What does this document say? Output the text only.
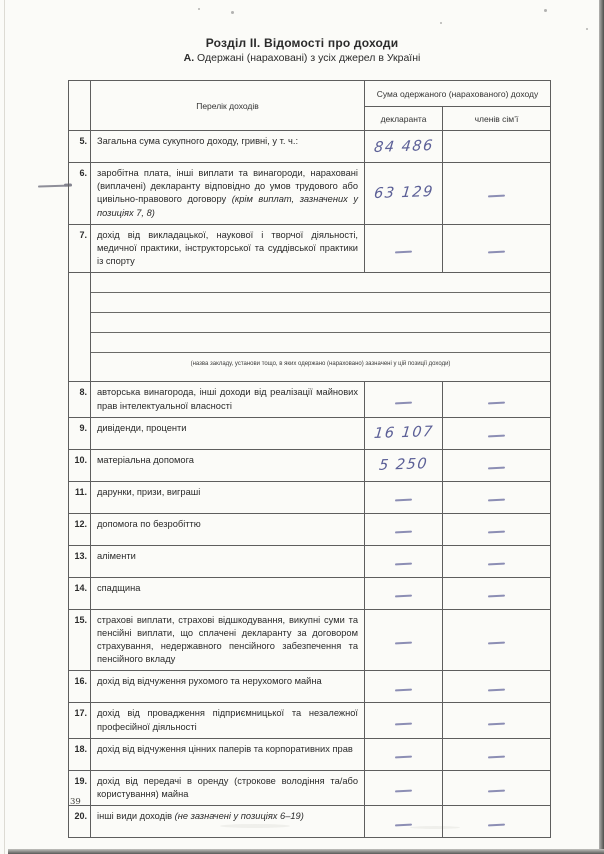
Розділ II. Відомості про доходи
А. Одержані (нараховані) з усіх джерел в Україні
	Перелік доходів	Сума одержаного (нарахованого) доходу	
		декларанта	членів сім’ї
5.	Загальна сума сукупного доходу, гривні, у т. ч.:	84 486	
6.	заробітна плата, інші виплати та винагороди, нараховані (виплачені) декларанту відповідно до умов трудового або цивільно-правового договору (крім виплат, зазначених у позиціях 7, 8)	63 129	
7.	дохід від викладацької, наукової і творчої діяльності, медичної практики, інструкторської та суддівської практики із спорту		

	(назва закладу, установи тощо, в яких одержано (нараховано) зазначені у цій позиції доходи)		

8.	авторська винагорода, інші доходи від реалізації майнових прав інтелектуальної власності		
9.	дивіденди, проценти	16 107	
10.	матеріальна допомога	5 250	
11.	дарунки, призи, виграші		
12.	допомога по безробіттю		
13.	аліменти		
14.	спадщина		
15.	страхові виплати, страхові відшкодування, викупні суми та пенсійні виплати, що сплачені декларанту за договором страхування, недержавного пенсійного забезпечення та пенсійного вкладу		
16.	дохід від відчуження рухомого та нерухомого майна		
17.	дохід від провадження підприємницької та незалежної професійної діяльності		
18.	дохід від відчуження цінних паперів та корпоративних прав		
19.	дохід від передачі в оренду (строкове володіння та/або користування) майна		
20.	інші види доходів (не зазначені у позиціях 6–19)		
39
